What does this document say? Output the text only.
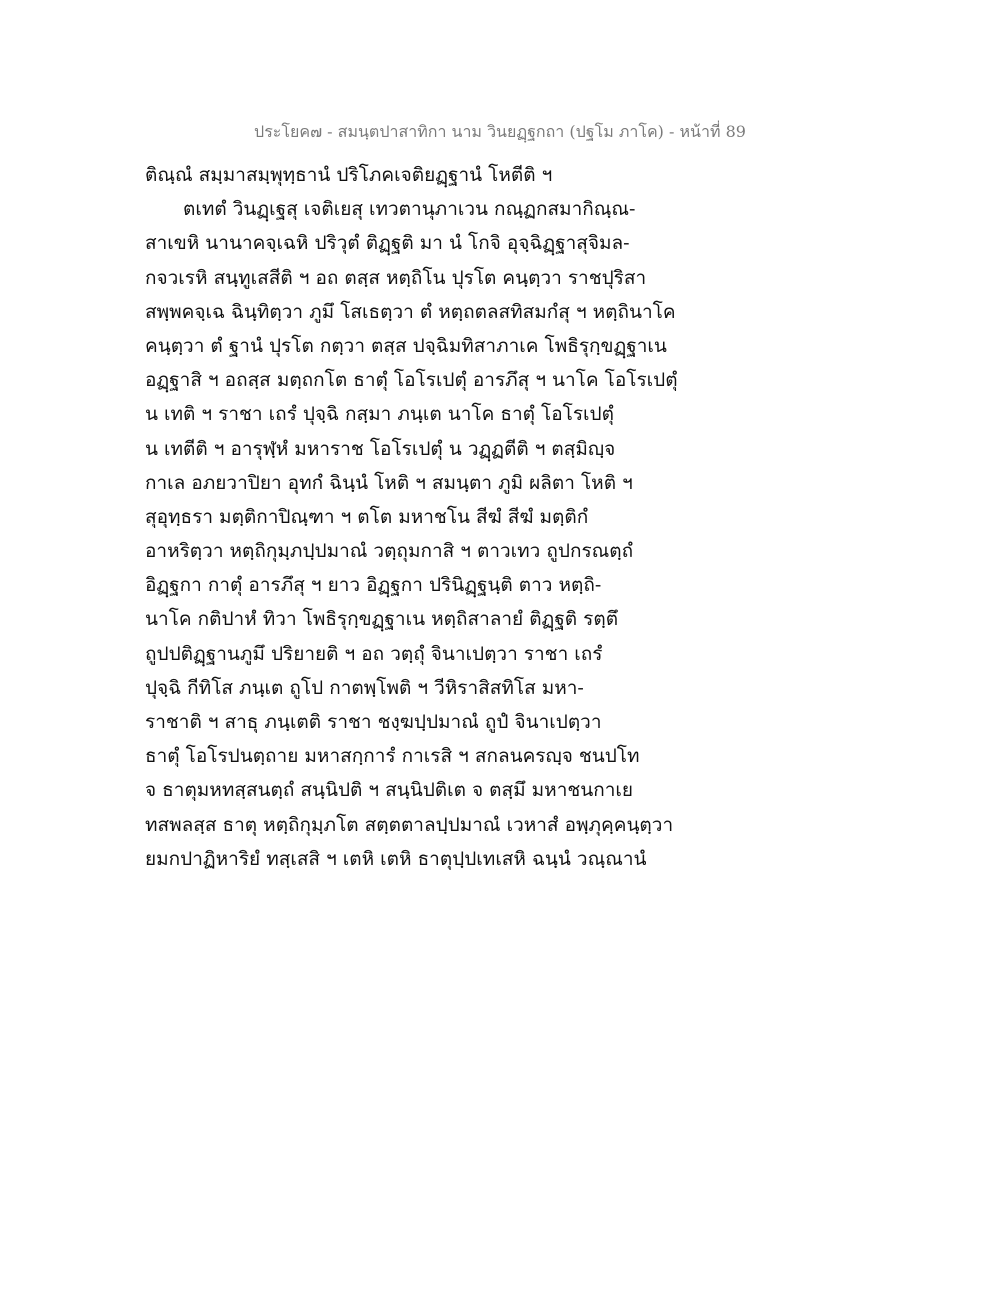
ประโยค๗ - สมนฺตปาสาทิกา นาม วินยฏฺฐกถา (ปฐโม ภาโค) - หน้าที่ 89
ติณฺณํ สมฺมาสมฺพุทฺธานํ ปริโภคเจติยฏฺฐานํ โหตีติ ฯ
ตเทตํ วินฏฺเฐสุ เจติเยสุ เทวตานุภาเวน กณฺฏกสมากิณฺณ-
สาเขหิ นานาคจฺเฉหิ ปริวุตํ ติฏฺฐติ มา นํ โกจิ อุจฺฉิฏฺฐาสุจิมล-
กจวเรหิ สนฺทูเสสีติ ฯ อถ ตสฺส หตฺถิโน ปุรโต คนฺตฺวา ราชปุริสา
สพฺพคจฺเฉ ฉินฺทิตฺวา ภูมึ โสเธตฺวา ตํ หตฺถตลสทิสมกํสุ ฯ หตฺถินาโค
คนฺตฺวา ตํ ฐานํ ปุรโต กตฺวา ตสฺส ปจฺฉิมทิสาภาเค โพธิรุกฺขฏฺฐาเน
อฏฺฐาสิ ฯ อถสฺส มตฺถกโต ธาตุํ โอโรเปตุํ อารภึสุ ฯ นาโค โอโรเปตุํ
น เทติ ฯ ราชา เถรํ ปุจฺฉิ กสฺมา ภนฺเต นาโค ธาตุํ โอโรเปตุํ
น เทตีติ ฯ อารุฬฺหํ มหาราช โอโรเปตุํ น วฏฺฏตีติ ฯ ตสฺมิญฺจ
กาเล อภยวาปิยา อุทกํ ฉินฺนํ โหติ ฯ สมนฺตา ภูมิ ผลิตา โหติ ฯ
สุอุทฺธรา มตฺติกาปิณฺฑา ฯ ตโต มหาชโน สีฆํ สีฆํ มตฺติกํ
อาหริตฺวา หตฺถิกุมฺภปฺปมาณํ วตฺถุมกาสิ ฯ ตาวเทว ถูปกรณตฺถํ
อิฏฺฐกา กาตุํ อารภึสุ ฯ ยาว อิฏฺฐกา ปรินิฏฺฐนฺติ ตาว หตฺถิ-
นาโค กติปาหํ ทิวา โพธิรุกฺขฏฺฐาเน หตฺถิสาลายํ ติฏฺฐติ รตฺตึ
ถูปปติฏฺฐานภูมึ ปริยายติ ฯ อถ วตฺถุํ จินาเปตฺวา ราชา เถรํ
ปุจฺฉิ กีทิโส ภนฺเต ถูโป กาตพฺโพติ ฯ วีหิราสิสทิโส มหา-
ราชาติ ฯ สาธุ ภนฺเตติ ราชา ชงฺฆปฺปมาณํ ถูปํ จินาเปตฺวา
ธาตุํ โอโรปนตฺถาย มหาสกฺการํ กาเรสิ ฯ สกลนครญฺจ ชนปโท
จ ธาตุมหทสฺสนตฺถํ สนฺนิปติ ฯ สนฺนิปติเต จ ตสฺมึ มหาชนกาเย
ทสพลสฺส ธาตุ หตฺถิกุมฺภโต สตฺตตาลปฺปมาณํ เวหาสํ อพฺภุคฺคนฺตฺวา
ยมกปาฏิหาริยํ ทสฺเสสิ ฯ เตหิ เตหิ ธาตุปฺปเทเสหิ ฉนฺนํ วณฺณานํ
